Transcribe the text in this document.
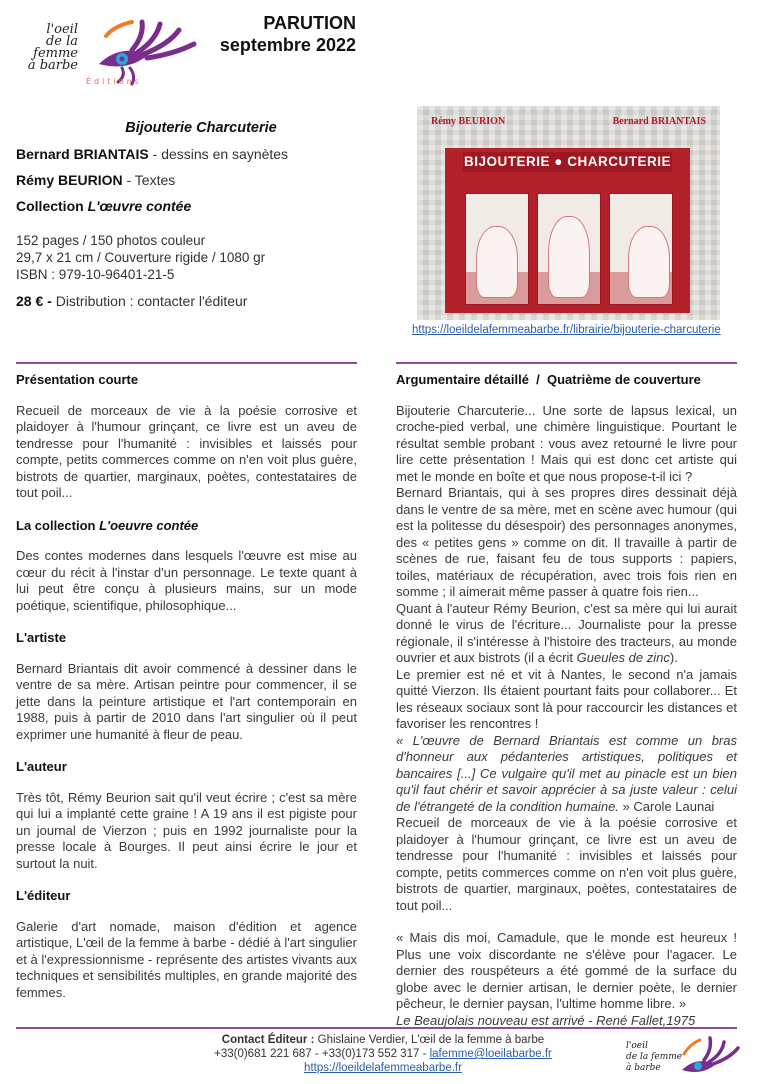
l'oeil
de la femme
à barbe
Éditions
PARUTION
septembre 2022
Bijouterie Charcuterie
Bernard BRIANTAIS - dessins en saynètes
Rémy BEURION - Textes
Collection L'œuvre contée
152 pages / 150 photos couleur
29,7 x 21 cm / Couverture rigide / 1080 gr
ISBN : 979-10-96401-21-5
28 € - Distribution : contacter l'éditeur
Rémy BEURION	Bernard BRIANTAIS
BIJOUTERIE ● CHARCUTERIE
https://loeildelafemmeabarbe.fr/librairie/bijouterie-charcuterie
Présentation courte

Recueil de morceaux de vie à la poésie corrosive et plaidoyer à l'humour grinçant, ce livre est un aveu de tendresse pour l'humanité : invisibles et laissés pour compte, petits commerces comme on n'en voit plus guère, bistrots de quartier, marginaux, poètes, contestataires de tout poil...

La collection L'oeuvre contée

Des contes modernes dans lesquels l'œuvre est mise au cœur du récit à l'instar d'un personnage. Le texte quant à lui peut être conçu à plusieurs mains, sur un mode poétique, scientifique, philosophique...

L'artiste

Bernard Briantais dit avoir commencé à dessiner dans le ventre de sa mère. Artisan peintre pour commencer, il se jette dans la peinture artistique et l'art contemporain en 1988, puis à partir de 2010 dans l'art singulier où il peut exprimer une humanité à fleur de peau.

L'auteur

Très tôt, Rémy Beurion sait qu'il veut écrire ; c'est sa mère qui lui a implanté cette graine ! A 19 ans il est pigiste pour un journal de Vierzon ; puis en 1992 journaliste pour la presse locale à Bourges. Il peut ainsi écrire le jour et surtout la nuit.

L'éditeur

Galerie d'art nomade, maison d'édition et agence artistique, L'œil de la femme à barbe - dédié à l'art singulier et à l'expressionnisme - représente des artistes vivants aux techniques et sensibilités multiples, en grande majorité des femmes.

Argumentaire détaillé  /  Quatrième de couverture

Bijouterie Charcuterie... Une sorte de lapsus lexical, un croche-pied verbal, une chimère linguistique. Pourtant le résultat semble probant : vous avez retourné le livre pour lire cette présentation ! Mais qui est donc cet artiste qui met le monde en boîte et que nous propose-t-il ici ?

Bernard Briantais, qui à ses propres dires dessinait déjà dans le ventre de sa mère, met en scène avec humour (qui est la politesse du désespoir) des personnages anonymes, des « petites gens » comme on dit. Il travaille à partir de scènes de rue, faisant feu de tous supports : papiers, toiles, matériaux de récupération, avec trois fois rien en somme ; il aimerait même passer à quatre fois rien...

Quant à l'auteur Rémy Beurion, c'est sa mère qui lui aurait donné le virus de l'écriture... Journaliste pour la presse régionale, il s'intéresse à l'histoire des tracteurs, au monde ouvrier et aux bistrots (il a écrit Gueules de zinc).

Le premier est né et vit à Nantes, le second n'a jamais quitté Vierzon. Ils étaient pourtant faits pour collaborer... Et les réseaux sociaux sont là pour raccourcir les distances et favoriser les rencontres !

« L'œuvre de Bernard Briantais est comme un bras d'honneur aux pédanteries artistiques, politiques et bancaires [...] Ce vulgaire qu'il met au pinacle est un bien qu'il faut chérir et savoir apprécier à sa juste valeur : celui de l'étrangeté de la condition humaine. » Carole Launai

Recueil de morceaux de vie à la poésie corrosive et plaidoyer à l'humour grinçant, ce livre est un aveu de tendresse pour l'humanité : invisibles et laissés pour compte, petits commerces comme on n'en voit plus guère, bistrots de quartier, marginaux, poètes, contestataires de tout poil...

« Mais dis moi, Camadule, que le monde est heureux ! Plus une voix discordante ne s'élève pour l'agacer. Le dernier des rouspéteurs a été gommé de la surface du globe avec le dernier artisan, le dernier poète, le dernier pêcheur, le dernier paysan, l'ultime homme libre. »

Le Beaujolais nouveau est arrivé - René Fallet,1975

Contact Éditeur : Ghislaine Verdier, L'œil de la femme à barbe
+33(0)681 221 687 - +33(0)173 552 317 - lafemme@loeilabarbe.fr
https://loeildelafemmeabarbe.fr
l'oeil
de la femme
à barbe
